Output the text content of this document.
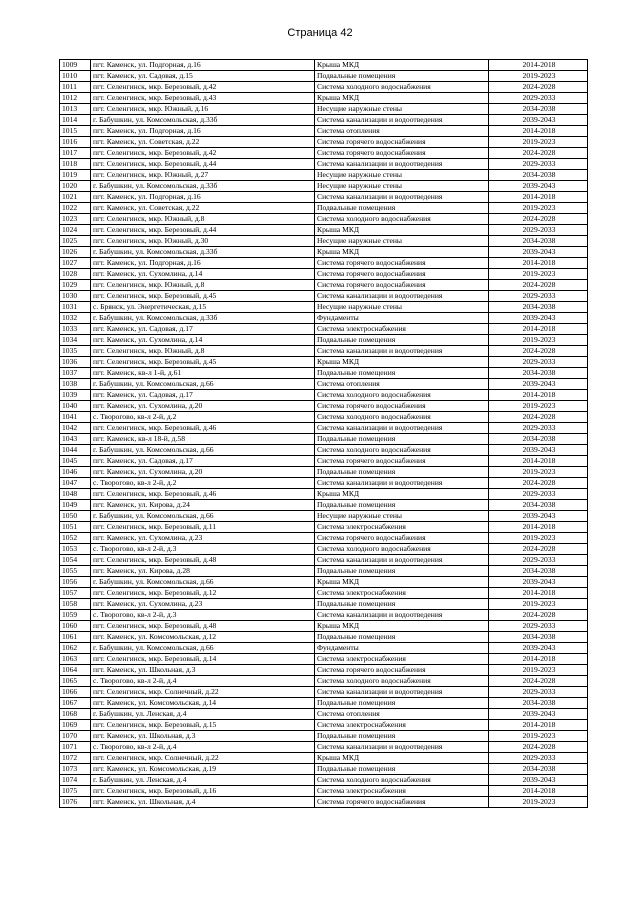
Страница 42
1009	пгт. Каменск, ул. Подгорная, д.16	Крыша МКД	2014-2018
1010	пгт. Каменск, ул. Садовая, д.15	Подвальные помещения	2019-2023
1011	пгт. Селенгинск, мкр. Березовый, д.42	Система холодного водоснабжения	2024-2028
1012	пгт. Селенгинск, мкр. Березовый, д.43	Крыша МКД	2029-2033
1013	пгт. Селенгинск, мкр. Южный, д.16	Несущие наружные стены	2034-2038
1014	г. Бабушкин, ул. Комсомольская, д.33б	Система канализации и водоотведения	2039-2043
1015	пгт. Каменск, ул. Подгорная, д.16	Система отопления	2014-2018
1016	пгт. Каменск, ул. Советская, д.22	Система горячего водоснабжения	2019-2023
1017	пгт. Селенгинск, мкр. Березовый, д.42	Система горячего водоснабжения	2024-2028
1018	пгт. Селенгинск, мкр. Березовый, д.44	Система канализации и водоотведения	2029-2033
1019	пгт. Селенгинск, мкр. Южный, д.27	Несущие наружные стены	2034-2038
1020	г. Бабушкин, ул. Комсомольская, д.33б	Несущие наружные стены	2039-2043
1021	пгт. Каменск, ул. Подгорная, д.16	Система канализации и водоотведения	2014-2018
1022	пгт. Каменск, ул. Советская, д.22	Подвальные помещения	2019-2023
1023	пгт. Селенгинск, мкр. Южный, д.8	Система холодного водоснабжения	2024-2028
1024	пгт. Селенгинск, мкр. Березовый, д.44	Крыша МКД	2029-2033
1025	пгт. Селенгинск, мкр. Южный, д.30	Несущие наружные стены	2034-2038
1026	г. Бабушкин, ул. Комсомольская, д.33б	Крыша МКД	2039-2043
1027	пгт. Каменск, ул. Подгорная, д.16	Система горячего водоснабжения	2014-2018
1028	пгт. Каменск, ул. Сухомлина, д.14	Система горячего водоснабжения	2019-2023
1029	пгт. Селенгинск, мкр. Южный, д.8	Система горячего водоснабжения	2024-2028
1030	пгт. Селенгинск, мкр. Березовый, д.45	Система канализации и водоотведения	2029-2033
1031	с. Брянск, ул. Энергетическая, д.15	Несущие наружные стены	2034-2038
1032	г. Бабушкин, ул. Комсомольская, д.33б	Фундаменты	2039-2043
1033	пгт. Каменск, ул. Садовая, д.17	Система электроснабжения	2014-2018
1034	пгт. Каменск, ул. Сухомлина, д.14	Подвальные помещения	2019-2023
1035	пгт. Селенгинск, мкр. Южный, д.8	Система канализации и водоотведения	2024-2028
1036	пгт. Селенгинск, мкр. Березовый, д.45	Крыша МКД	2029-2033
1037	пгт. Каменск, кв-л 1-й, д.61	Подвальные помещения	2034-2038
1038	г. Бабушкин, ул. Комсомольская, д.66	Система отопления	2039-2043
1039	пгт. Каменск, ул. Садовая, д.17	Система холодного водоснабжения	2014-2018
1040	пгт. Каменск, ул. Сухомлина, д.20	Система горячего водоснабжения	2019-2023
1041	с. Творогово, кв-л 2-й, д.2	Система холодного водоснабжения	2024-2028
1042	пгт. Селенгинск, мкр. Березовый, д.46	Система канализации и водоотведения	2029-2033
1043	пгт. Каменск, кв-л 18-й, д.58	Подвальные помещения	2034-2038
1044	г. Бабушкин, ул. Комсомольская, д.66	Система холодного водоснабжения	2039-2043
1045	пгт. Каменск, ул. Садовая, д.17	Система горячего водоснабжения	2014-2018
1046	пгт. Каменск, ул. Сухомлина, д.20	Подвальные помещения	2019-2023
1047	с. Творогово, кв-л 2-й, д.2	Система канализации и водоотведения	2024-2028
1048	пгт. Селенгинск, мкр. Березовый, д.46	Крыша МКД	2029-2033
1049	пгт. Каменск, ул. Кирова, д.24	Подвальные помещения	2034-2038
1050	г. Бабушкин, ул. Комсомольская, д.66	Несущие наружные стены	2039-2043
1051	пгт. Селенгинск, мкр. Березовый, д.11	Система электроснабжения	2014-2018
1052	пгт. Каменск, ул. Сухомлина, д.23	Система горячего водоснабжения	2019-2023
1053	с. Творогово, кв-л 2-й, д.3	Система холодного водоснабжения	2024-2028
1054	пгт. Селенгинск, мкр. Березовый, д.48	Система канализации и водоотведения	2029-2033
1055	пгт. Каменск, ул. Кирова, д.28	Подвальные помещения	2034-2038
1056	г. Бабушкин, ул. Комсомольская, д.66	Крыша МКД	2039-2043
1057	пгт. Селенгинск, мкр. Березовый, д.12	Система электроснабжения	2014-2018
1058	пгт. Каменск, ул. Сухомлина, д.23	Подвальные помещения	2019-2023
1059	с. Творогово, кв-л 2-й, д.3	Система канализации и водоотведения	2024-2028
1060	пгт. Селенгинск, мкр. Березовый, д.48	Крыша МКД	2029-2033
1061	пгт. Каменск, ул. Комсомольская, д.12	Подвальные помещения	2034-2038
1062	г. Бабушкин, ул. Комсомольская, д.66	Фундаменты	2039-2043
1063	пгт. Селенгинск, мкр. Березовый, д.14	Система электроснабжения	2014-2018
1064	пгт. Каменск, ул. Школьная, д.3	Система горячего водоснабжения	2019-2023
1065	с. Творогово, кв-л 2-й, д.4	Система холодного водоснабжения	2024-2028
1066	пгт. Селенгинск, мкр. Солнечный, д.22	Система канализации и водоотведения	2029-2033
1067	пгт. Каменск, ул. Комсомольская, д.14	Подвальные помещения	2034-2038
1068	г. Бабушкин, ул. Ленская, д.4	Система отопления	2039-2043
1069	пгт. Селенгинск, мкр. Березовый, д.15	Система электроснабжения	2014-2018
1070	пгт. Каменск, ул. Школьная, д.3	Подвальные помещения	2019-2023
1071	с. Творогово, кв-л 2-й, д.4	Система канализации и водоотведения	2024-2028
1072	пгт. Селенгинск, мкр. Солнечный, д.22	Крыша МКД	2029-2033
1073	пгт. Каменск, ул. Комсомольская, д.19	Подвальные помещения	2034-2038
1074	г. Бабушкин, ул. Ленская, д.4	Система холодного водоснабжения	2039-2043
1075	пгт. Селенгинск, мкр. Березовый, д.16	Система электроснабжения	2014-2018
1076	пгт. Каменск, ул. Школьная, д.4	Система горячего водоснабжения	2019-2023
